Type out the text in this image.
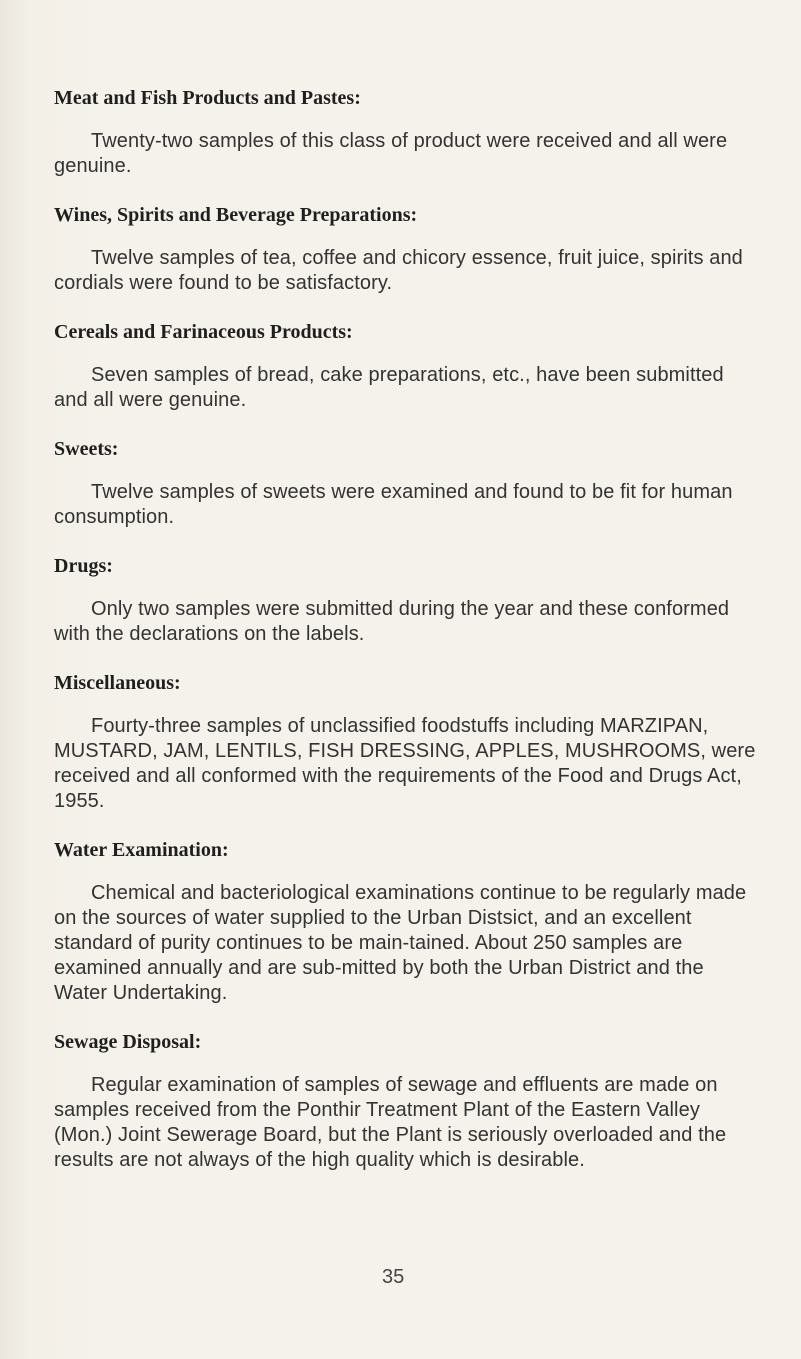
Meat and Fish Products and Pastes:

Twenty-two samples of this class of product were received and all were genuine.

Wines, Spirits and Beverage Preparations:

Twelve samples of tea, coffee and chicory essence, fruit juice, spirits and cordials were found to be satisfactory.

Cereals and Farinaceous Products:

Seven samples of bread, cake preparations, etc., have been submitted and all were genuine.

Sweets:

Twelve samples of sweets were examined and found to be fit for human consumption.

Drugs:

Only two samples were submitted during the year and these conformed with the declarations on the labels.

Miscellaneous:

Fourty-three samples of unclassified foodstuffs including MARZIPAN, MUSTARD, JAM, LENTILS, FISH DRESSING, APPLES, MUSHROOMS, were received and all conformed with the requirements of the Food and Drugs Act, 1955.

Water Examination:

Chemical and bacteriological examinations continue to be regularly made on the sources of water supplied to the Urban Distsict, and an excellent standard of purity continues to be main-tained. About 250 samples are examined annually and are sub-mitted by both the Urban District and the Water Undertaking.

Sewage Disposal:

Regular examination of samples of sewage and effluents are made on samples received from the Ponthir Treatment Plant of the Eastern Valley (Mon.) Joint Sewerage Board, but the Plant is seriously overloaded and the results are not always of the high quality which is desirable.

35
